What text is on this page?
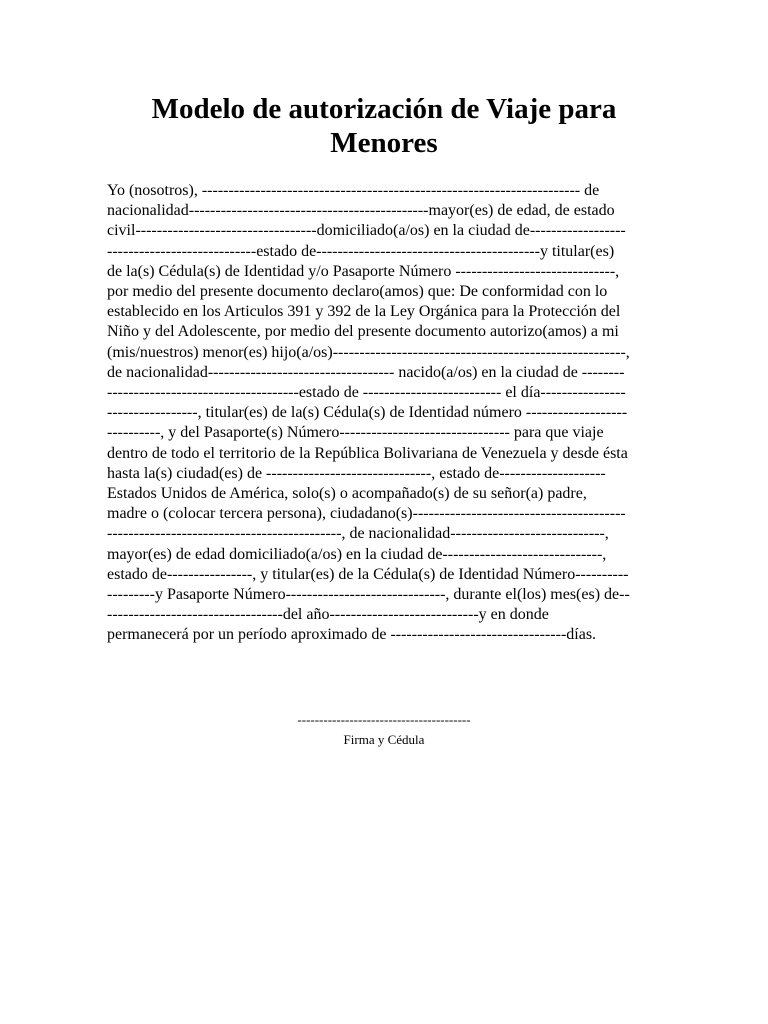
Modelo de autorización de Viaje para Menores

Yo (nosotros), ----------------------------------------------------------------------- de
nacionalidad---------------------------------------------mayor(es) de edad, de estado
civil----------------------------------domiciliado(a/os) en la ciudad de------------------
----------------------------estado de------------------------------------------y titular(es)
de la(s) Cédula(s) de Identidad y/o Pasaporte Número ------------------------------,
por medio del presente documento declaro(amos) que: De conformidad con lo
establecido en los Articulos 391 y 392 de la Ley Orgánica para la Protección del
Niño y del Adolescente, por medio del presente documento autorizo(amos) a mi
(mis/nuestros) menor(es) hijo(a/os)-------------------------------------------------------,
de nacionalidad----------------------------------- nacido(a/os) en la ciudad de --------
------------------------------------estado de -------------------------- el día----------------
-----------------, titular(es) de la(s) Cédula(s) de Identidad número -------------------
----------, y del Pasaporte(s) Número-------------------------------- para que viaje
dentro de todo el territorio de la República Bolivariana de Venezuela y desde ésta
hasta la(s) ciudad(es) de -------------------------------, estado de--------------------
Estados Unidos de América, solo(s) o acompañado(s) de su señor(a) padre,
madre o (colocar tercera persona), ciudadano(s)----------------------------------------
--------------------------------------------, de nacionalidad-----------------------------,
mayor(es) de edad domiciliado(a/os) en la ciudad de------------------------------,
estado de----------------, y titular(es) de la Cédula(s) de Identidad Número----------
---------y Pasaporte Número------------------------------, durante el(los) mes(es) de--
---------------------------------del año----------------------------y en donde
permanecerá por un período aproximado de ---------------------------------días.

----------------------------------------
Firma y Cédula
